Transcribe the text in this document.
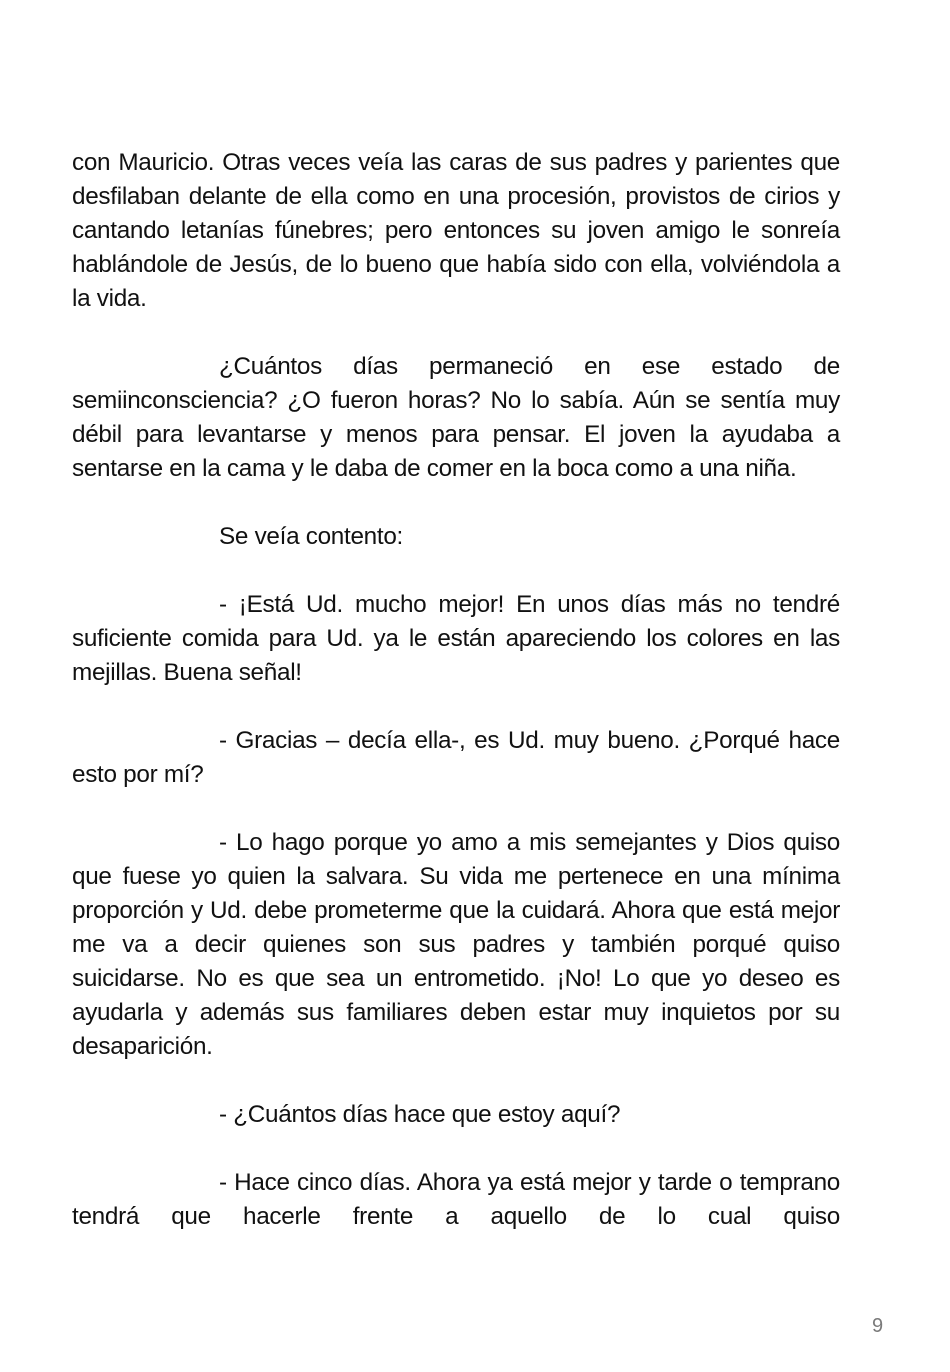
con Mauricio. Otras veces veía las caras de sus padres y parientes que desfilaban delante de ella como en una procesión, provistos de cirios y cantando letanías fúnebres; pero entonces su joven amigo le sonreía hablándole de Jesús, de lo bueno que había sido con ella, volviéndola a la vida.

¿Cuántos días permaneció en ese estado de semiinconsciencia? ¿O fueron horas? No lo sabía. Aún se sentía muy débil para levantarse y menos para pensar. El joven la ayudaba a sentarse en la cama y le daba de comer en la boca como a una niña.

Se veía contento:

- ¡Está Ud. mucho mejor! En unos días más no tendré suficiente comida para Ud. ya le están apareciendo los colores en las mejillas. Buena señal!

- Gracias – decía ella-, es Ud. muy bueno. ¿Porqué hace esto por mí?

- Lo hago porque yo amo a mis semejantes y Dios quiso que fuese yo quien la salvara. Su vida me pertenece en una mínima proporción y Ud. debe prometerme que la cuidará. Ahora que está mejor me va a decir quienes son sus padres y también porqué quiso suicidarse. No es que sea un entrometido. ¡No! Lo que yo deseo es ayudarla y además sus familiares deben estar muy inquietos por su desaparición.

- ¿Cuántos días hace que estoy aquí?

- Hace cinco días. Ahora ya está mejor y tarde o temprano tendrá que hacerle frente a aquello de lo cual quiso

9
